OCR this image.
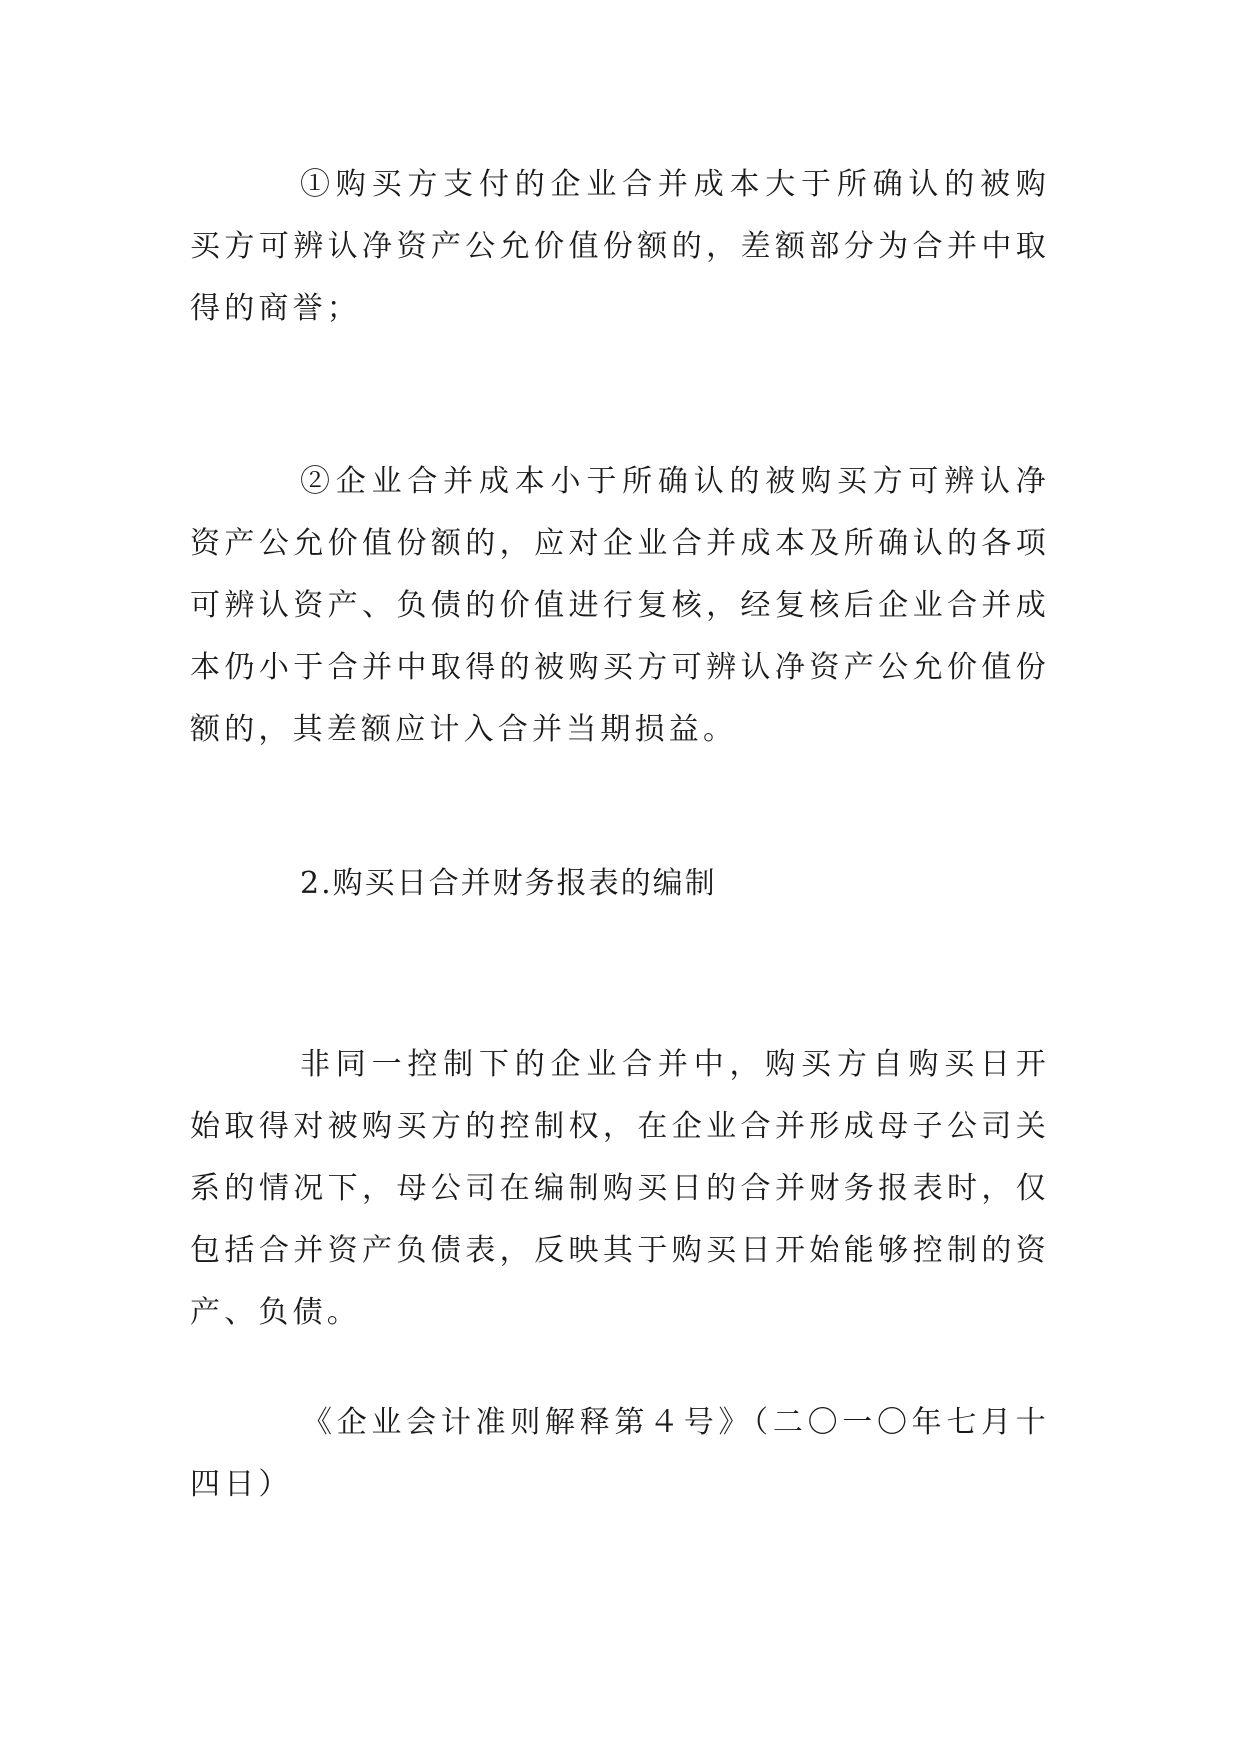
①购买方支付的企业合并成本大于所确认的被购买方可辨认净资产公允价值份额的，差额部分为合并中取得的商誉；

②企业合并成本小于所确认的被购买方可辨认净资产公允价值份额的，应对企业合并成本及所确认的各项可辨认资产、负债的价值进行复核，经复核后企业合并成本仍小于合并中取得的被购买方可辨认净资产公允价值份额的，其差额应计入合并当期损益。

2.购买日合并财务报表的编制

非同一控制下的企业合并中，购买方自购买日开始取得对被购买方的控制权，在企业合并形成母子公司关系的情况下，母公司在编制购买日的合并财务报表时，仅包括合并资产负债表，反映其于购买日开始能够控制的资产、负债。

《企业会计准则解释第４号》（二〇一〇年七月十四日）
